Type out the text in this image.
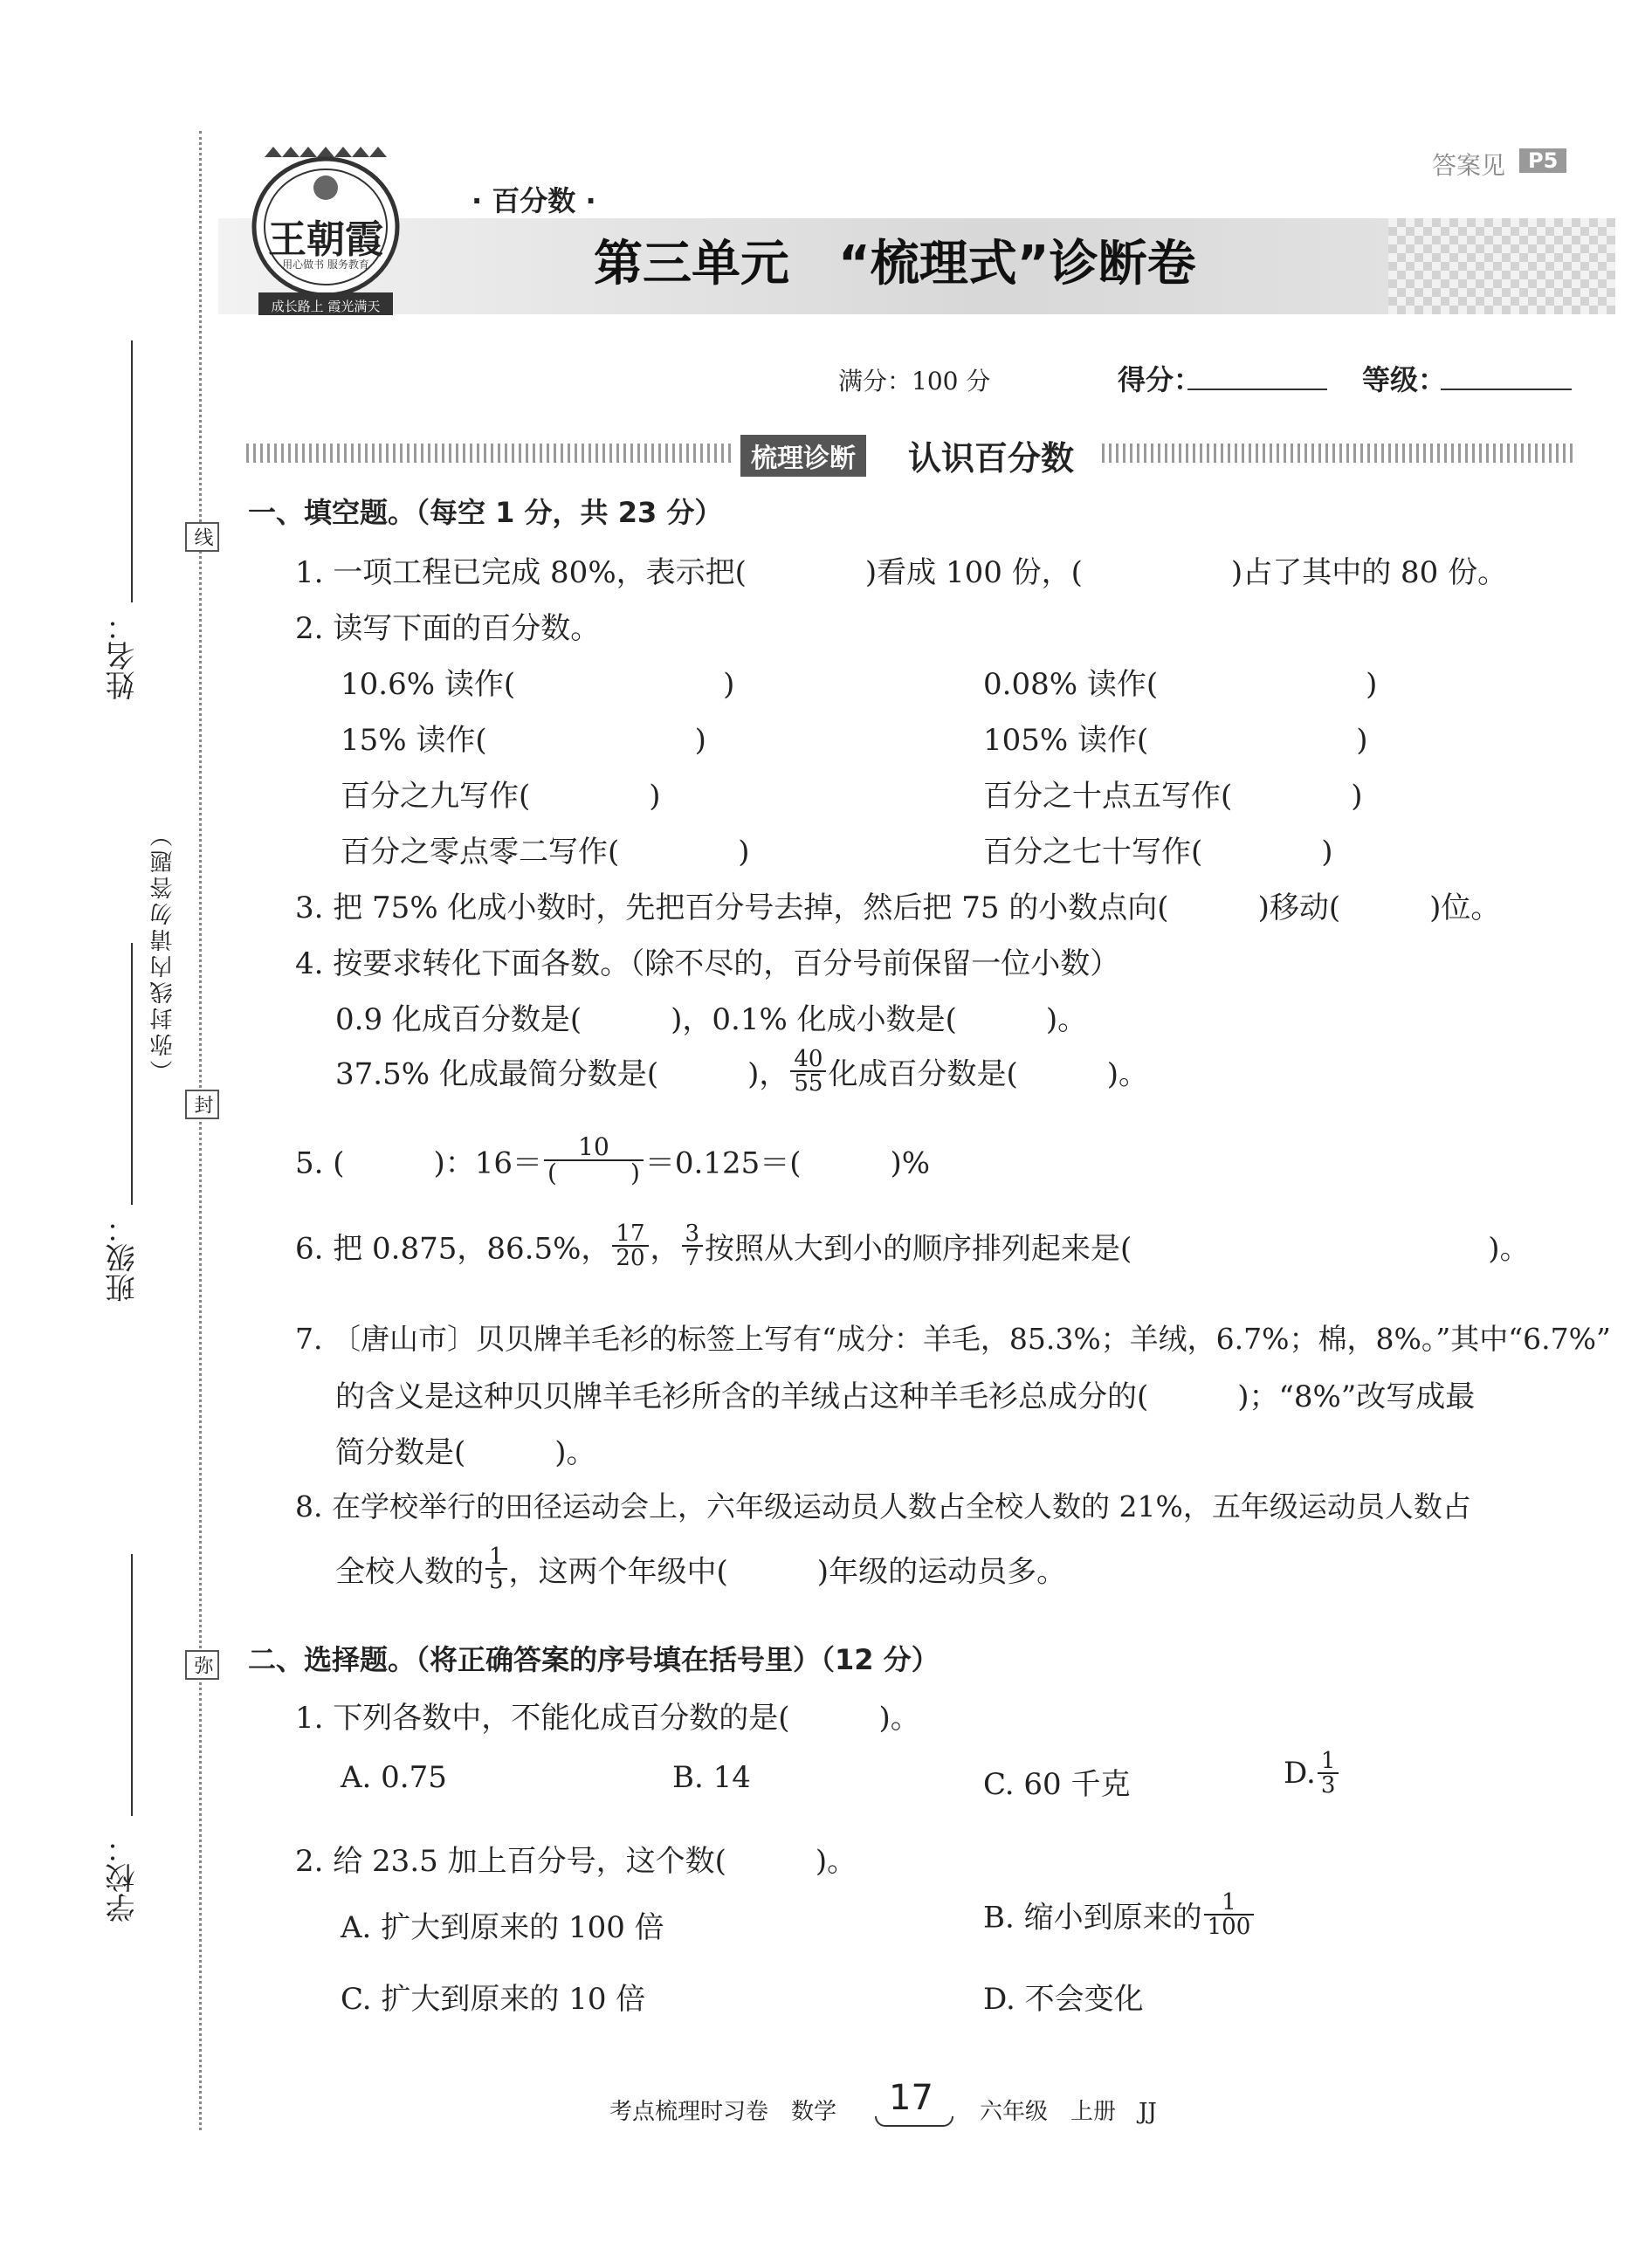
姓名：
班级：
学校：
（弥封线内请勿答题）
线
封
弥
王朝霞
用心做书 服务教育
成长路上 霞光满天
答案见	P5
· 百分数 ·
第三单元　“梳理式”诊断卷
满分：100 分	得分：	等级：
梳理诊断	认识百分数
一、填空题。（每空 1 分，共 23 分）
1. 一项工程已完成 80%，表示把(　　　　)看成 100 份，(　　　　　)占了其中的 80 份。
2. 读写下面的百分数。
10.6% 读作(　　　　　　　)	0.08% 读作(　　　　　　　)
15% 读作(　　　　　　　)	105% 读作(　　　　　　　)
百分之九写作(　　　　)	百分之十点五写作(　　　　)
百分之零点零二写作(　　　　)	百分之七十写作(　　　　)
3. 把 75% 化成小数时，先把百分号去掉，然后把 75 的小数点向(　　　)移动(　　　)位。
4. 按要求转化下面各数。（除不尽的，百分号前保留一位小数）
0.9 化成百分数是(　　　)，0.1% 化成小数是(　　　)。
37.5% 化成最简分数是(　　　)， $\frac{40}{55}$ 化成百分数是(　　　)。
5. (　　　)：$16= \frac{10}{( )} =0.125=$(　　　)%
6. 把 0.875，86.5%， $\frac{17}{20}$ ， $\frac{3}{7}$ 按照从大到小的顺序排列起来是(　　　　　　　　　　　　)。
7. 〔唐山市〕贝贝牌羊毛衫的标签上写有“成分：羊毛，85.3%；羊绒，6.7%；棉，8%。”其中“6.7%”
的含义是这种贝贝牌羊毛衫所含的羊绒占这种羊毛衫总成分的(　　　)；“8%”改写成最
简分数是(　　　)。
8. 在学校举行的田径运动会上，六年级运动员人数占全校人数的 21%，五年级运动员人数占
全校人数的 $\frac{1}{5}$ ，这两个年级中(　　　)年级的运动员多。
二、选择题。（将正确答案的序号填在括号里）（12 分）
1. 下列各数中，不能化成百分数的是(　　　)。
A. 0.75	B. 14	C. 60 千克	D. $\frac{1}{3}$
2. 给 23.5 加上百分号，这个数(　　　)。
A. 扩大到原来的 100 倍	B. 缩小到原来的 $\frac{1}{100}$
C. 扩大到原来的 10 倍	D. 不会变化
考点梳理时习卷　数学 17 六年级　上册　JJ
